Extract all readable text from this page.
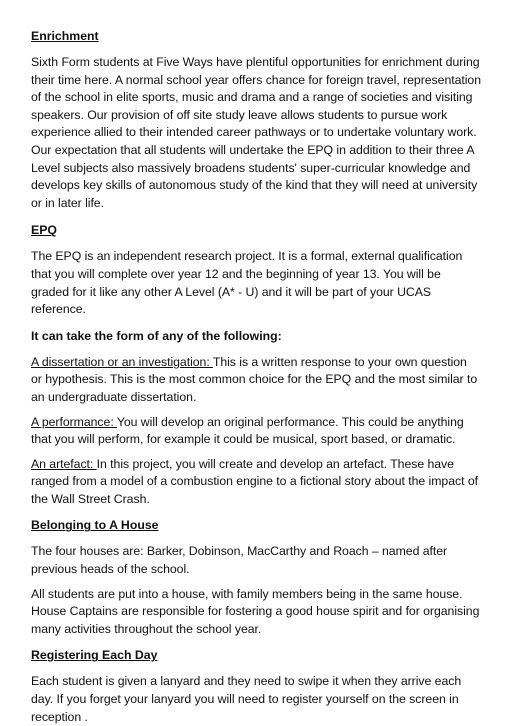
Enrichment

Sixth Form students at Five Ways have plentiful opportunities for enrichment during their time here. A normal school year offers chance for foreign travel, representation of the school in elite sports, music and drama and a range of societies and visiting speakers. Our provision of off site study leave allows students to pursue work experience allied to their intended career pathways or to undertake voluntary work. Our expectation that all students will undertake the EPQ in addition to their three A Level subjects also massively broadens students' super-curricular knowledge and develops key skills of autonomous study of the kind that they will need at university or in later life.

EPQ

The EPQ is an independent research project. It is a formal, external qualification that you will complete over year 12 and the beginning of year 13. You will be graded for it like any other A Level (A* - U) and it will be part of your UCAS reference.

It can take the form of any of the following:

A dissertation or an investigation: This is a written response to your own question or hypothesis. This is the most common choice for the EPQ and the most similar to an undergraduate dissertation.

A performance: You will develop an original performance. This could be anything that you will perform, for example it could be musical, sport based, or dramatic.

An artefact: In this project, you will create and develop an artefact. These have ranged from a model of a combustion engine to a fictional story about the impact of the Wall Street Crash.

Belonging to A House

The four houses are: Barker, Dobinson, MacCarthy and Roach – named after previous heads of the school.

All students are put into a house, with family members being in the same house. House Captains are responsible for fostering a good house spirit and for organising many activities throughout the school year.

Registering Each Day

Each student is given a lanyard and they need to swipe it when they arrive each day. If you forget your lanyard you will need to register yourself on the screen in reception .
